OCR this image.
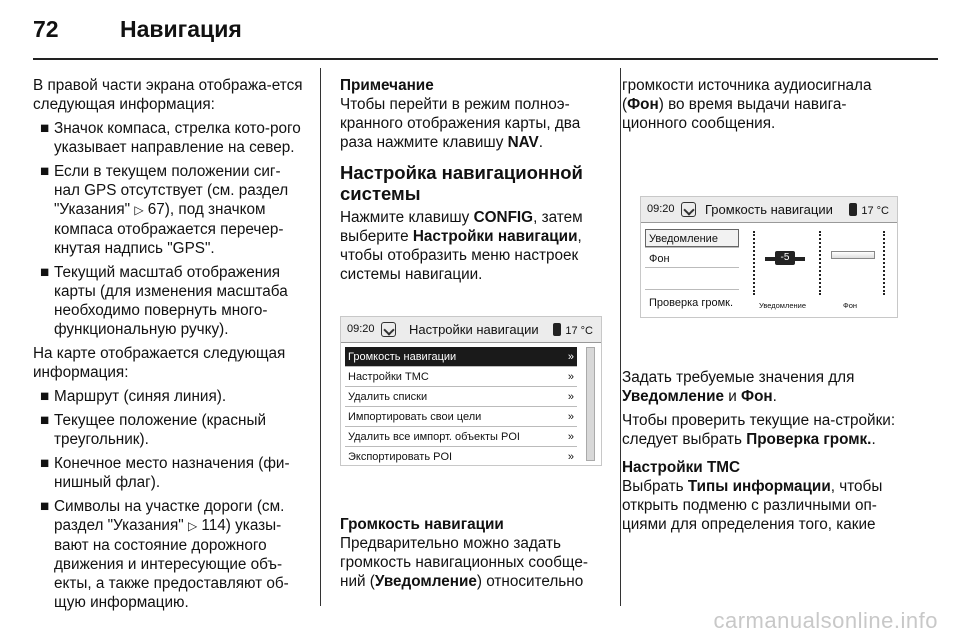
72	Навигация

В правой части экрана отобража-ется следующая информация:

■ Значок компаса, стрелка кото-рого указывает направление на север.
■ Если в текущем положении сиг-нал GPS отсутствует (см. раздел "Указания" ▷ 67), под значком компаса отображается перечер-кнутая надпись "GPS".
■ Текущий масштаб отображения карты (для изменения масштаба необходимо повернуть много-функциональную ручку).

На карте отображается следующая информация:

■ Маршрут (синяя линия).
■ Текущее положение (красный треугольник).
■ Конечное место назначения (фи-нишный флаг).
■ Символы на участке дороги (см. раздел "Указания" ▷ 114) указы-вают на состояние дорожного движения и интересующие объ-екты, а также предоставляют об-щую информацию.
Примечание

Чтобы перейти в режим полноэ-кранного отображения карты, два раза нажмите клавишу NAV.

Настройка навигационной системы

Нажмите клавишу CONFIG, затем выберите Настройки навигации, чтобы отобразить меню настроек системы навигации.

09:20	Настройки навигации	17 °C
Громкость навигации	»
Настройки TMC	»
Удалить списки	»
Импортировать свои цели	»
Удалить все импорт. объекты POI	»
Экспортировать POI	»
Громкость навигации

Предварительно можно задать громкость навигационных сообще-ний (Уведомление) относительно

громкости источника аудиосигнала (Фон) во время выдачи навига-ционного сообщения.

09:20 Громкость навигации	17 °C
Уведомление
Фон
Проверка громк.
-5
Уведомление	Фон

Задать требуемые значения для Уведомление и Фон.

Чтобы проверить текущие на-стройки: следует выбрать Проверка громк..

Настройки TMC

Выбрать Типы информации, чтобы открыть подменю с различными оп-циями для определения того, какие

carmanualsonline.info
